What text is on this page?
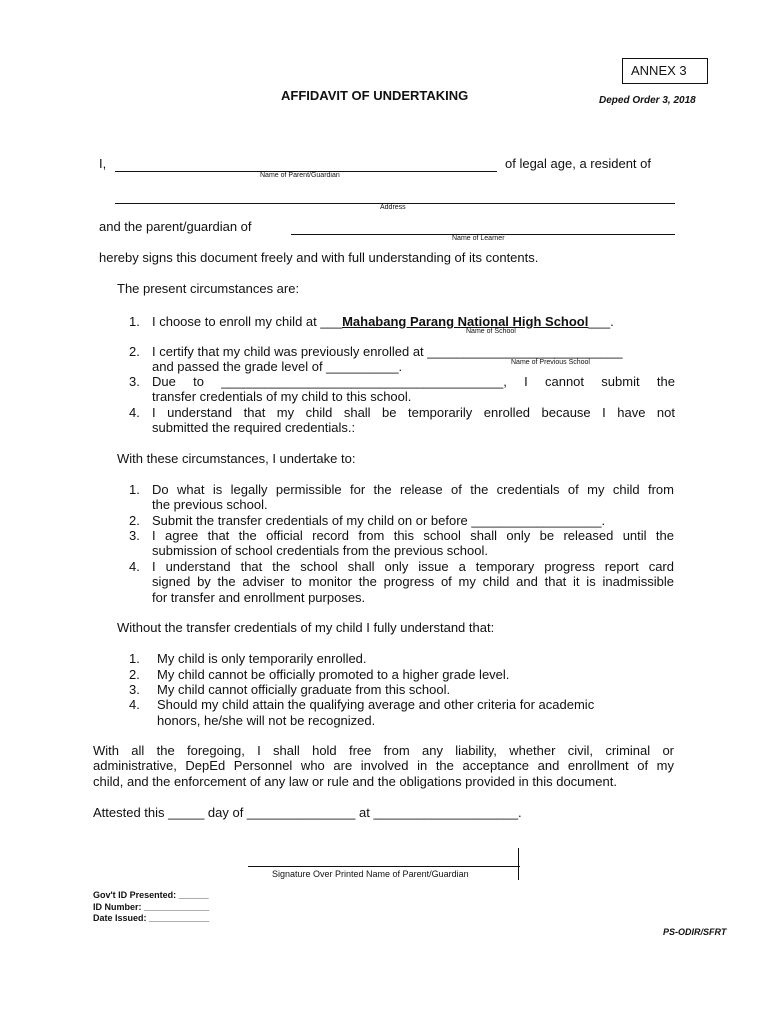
ANNEX 3
AFFIDAVIT OF UNDERTAKING	Deped Order 3, 2018
I,	of legal age, a resident of
Name of Parent/Guardian
Address
and the parent/guardian of
Name of Learner
hereby signs this document freely and with full understanding of its contents.
The present circumstances are:
1. I choose to enroll my child at ___Mahabang Parang National High School___.
Name of School
2. I certify that my child was previously enrolled at ___________________________
Name of Previous School
and passed the grade level of __________.
3. Due to _______________________________________, I cannot submit the
transfer credentials of my child to this school.
4. I understand that my child shall be temporarily enrolled because I have not
submitted the required credentials.:
With these circumstances, I undertake to:
1. Do what is legally permissible for the release of the credentials of my child from
the previous school.
2. Submit the transfer credentials of my child on or before __________________.
3. I agree that the official record from this school shall only be released until the
submission of school credentials from the previous school.
4. I understand that the school shall only issue a temporary progress report card
signed by the adviser to monitor the progress of my child and that it is inadmissible
for transfer and enrollment purposes.
Without the transfer credentials of my child I fully understand that:
1. My child is only temporarily enrolled.
2. My child cannot be officially promoted to a higher grade level.
3. My child cannot officially graduate from this school.
4. Should my child attain the qualifying average and other criteria for academic
honors, he/she will not be recognized.
With all the foregoing, I shall hold free from any liability, whether civil, criminal or
administrative, DepEd Personnel who are involved in the acceptance and enrollment of my
child, and the enforcement of any law or rule and the obligations provided in this document.
Attested this _____ day of _______________ at ____________________.
Signature Over Printed Name of Parent/Guardian
Gov't ID Presented: ______
ID Number: _____________
Date Issued: ____________
PS-ODIR/SFRT
